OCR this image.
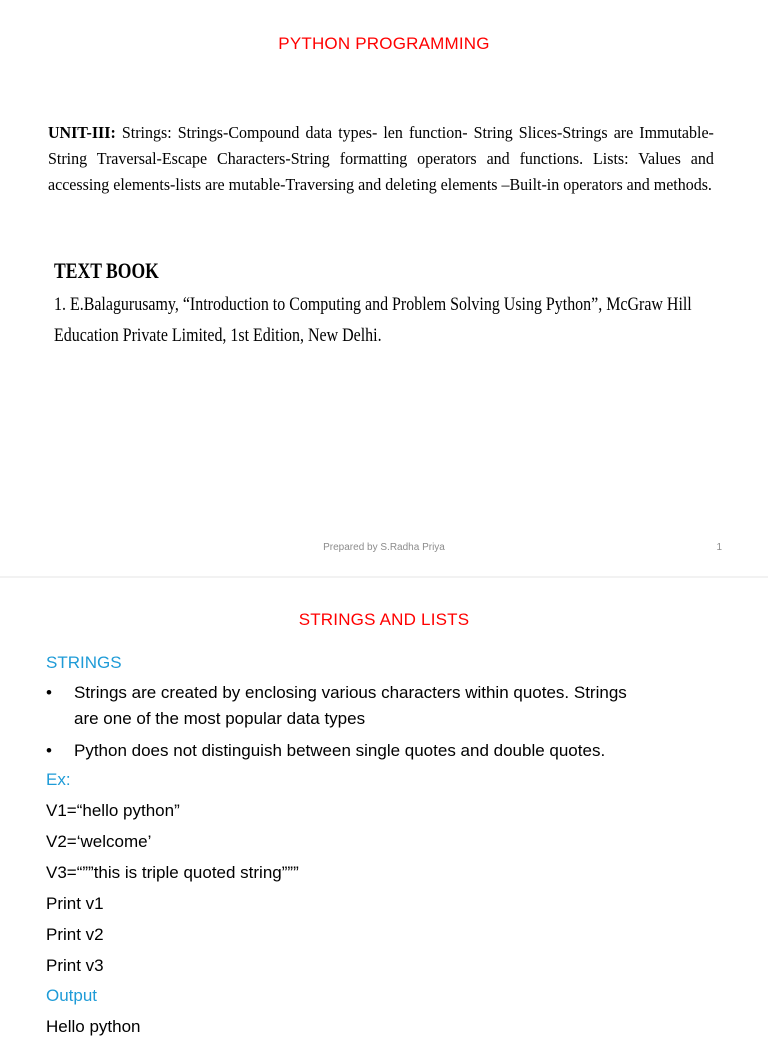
PYTHON PROGRAMMING
UNIT-III: Strings: Strings-Compound data types- len function- String Slices-Strings are Immutable-String Traversal-Escape Characters-String formatting operators and functions. Lists: Values and accessing elements-lists are mutable-Traversing and deleting elements –Built-in operators and methods.
TEXT BOOK
1. E.Balagurusamy, “Introduction to Computing and Problem Solving Using Python”, McGraw Hill
Education Private Limited, 1st Edition, New Delhi.
Prepared by S.Radha Priya	1
STRINGS AND LISTS
STRINGS
• Strings are created by enclosing various characters within quotes. Strings
are one of the most popular data types
• Python does not distinguish between single quotes and double quotes.
Ex:
V1=“hello python”
V2=‘welcome’
V3=“””this is triple quoted string”””
Print v1
Print v2
Print v3
Output
Hello python
